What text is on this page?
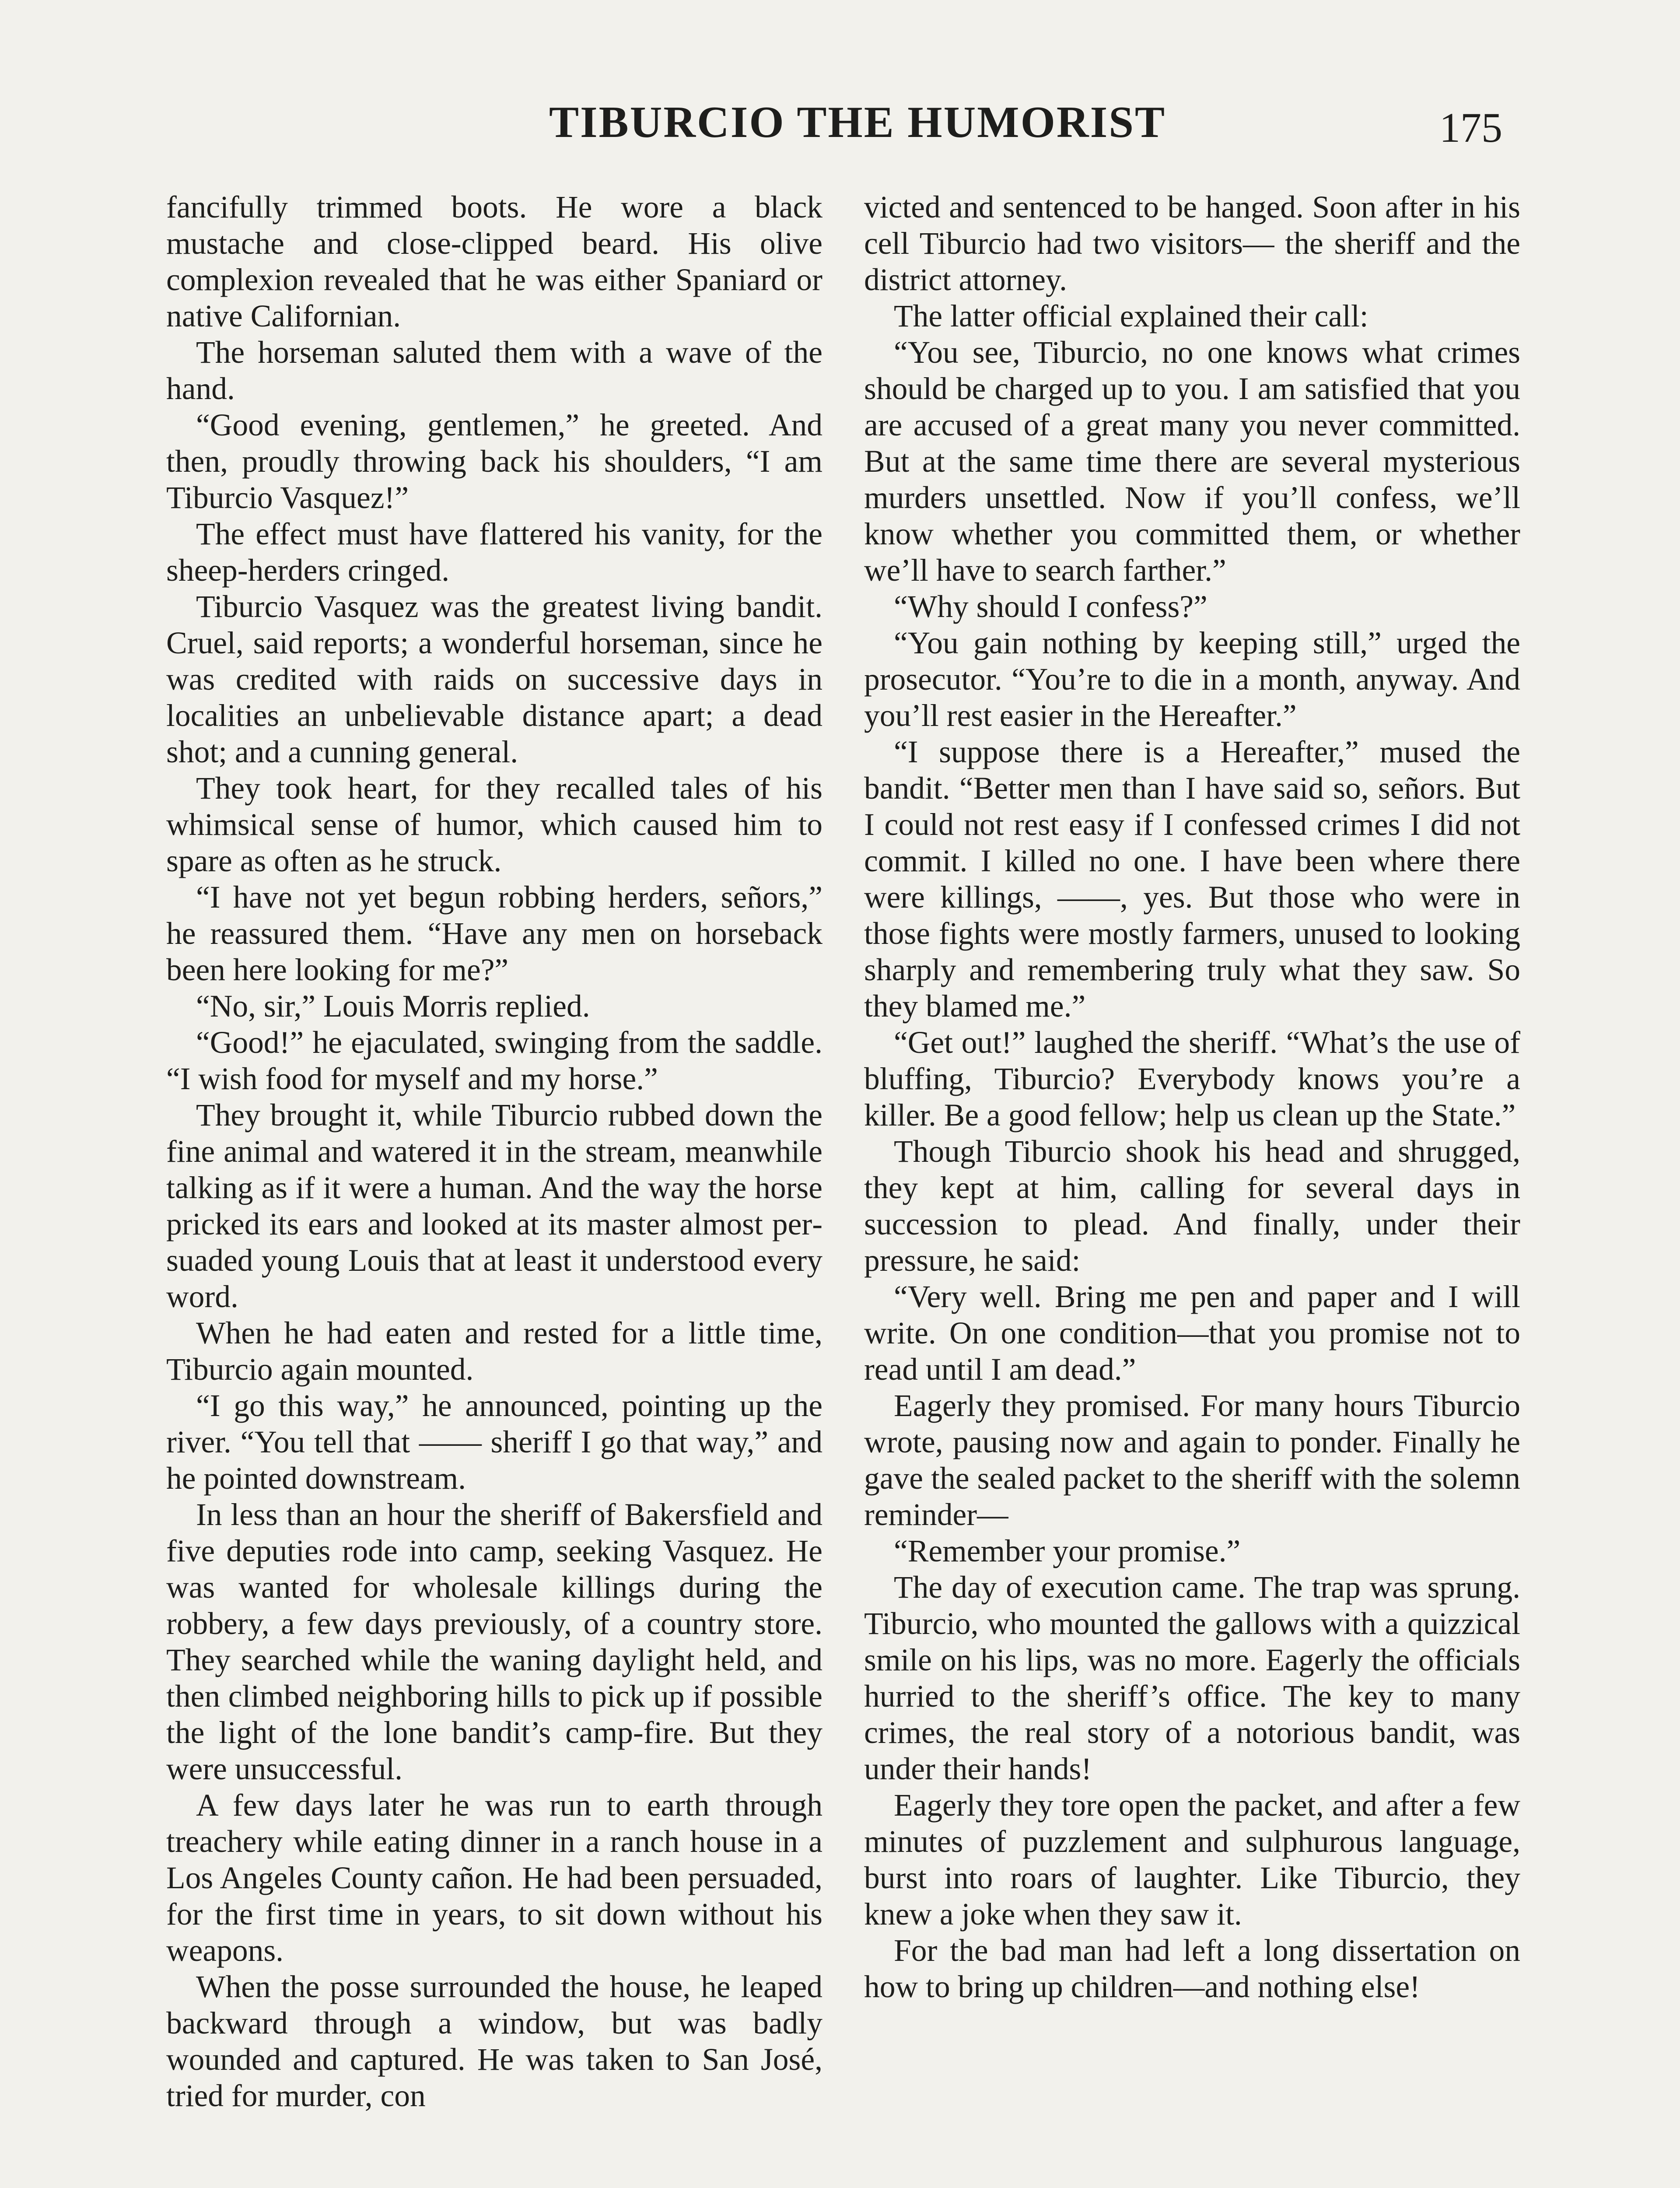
TIBURCIO THE HUMORIST	175

fancifully trimmed boots. He wore a black mustache and close-clipped beard. His olive complexion revealed that he was either Spaniard or native Californian.

The horseman saluted them with a wave of the hand.

“Good evening, gentlemen,” he greeted. And then, proudly throwing back his shoulders, “I am Tiburcio Vasquez!”

The effect must have flattered his vanity, for the sheep-herders cringed.

Tiburcio Vasquez was the greatest living bandit. Cruel, said reports; a wonderful horseman, since he was credited with raids on successive days in localities an unbelievable distance apart; a dead shot; and a cunning general.

They took heart, for they recalled tales of his whimsical sense of humor, which caused him to spare as often as he struck.

“I have not yet begun robbing herders, señors,” he reassured them. “Have any men on horseback been here looking for me?”

“No, sir,” Louis Morris replied.

“Good!” he ejaculated, swinging from the saddle. “I wish food for myself and my horse.”

They brought it, while Tiburcio rubbed down the fine animal and watered it in the stream, meanwhile talking as if it were a human. And the way the horse pricked its ears and looked at its master almost persuaded young Louis that at least it understood every word.

When he had eaten and rested for a little time, Tiburcio again mounted.

“I go this way,” he announced, pointing up the river. “You tell that —— sheriff I go that way,” and he pointed downstream.

In less than an hour the sheriff of Bakersfield and five deputies rode into camp, seeking Vasquez. He was wanted for wholesale killings during the robbery, a few days previously, of a country store. They searched while the waning daylight held, and then climbed neighboring hills to pick up if possible the light of the lone bandit’s camp-fire. But they were unsuccessful.

A few days later he was run to earth through treachery while eating dinner in a ranch house in a Los Angeles County cañon. He had been persuaded, for the first time in years, to sit down without his weapons.

When the posse surrounded the house, he leaped backward through a window, but was badly wounded and captured. He was taken to San José, tried for murder, con

victed and sentenced to be hanged. Soon after in his cell Tiburcio had two visitors— the sheriff and the district attorney.

The latter official explained their call:

“You see, Tiburcio, no one knows what crimes should be charged up to you. I am satisfied that you are accused of a great many you never committed. But at the same time there are several mysterious murders unsettled. Now if you’ll confess, we’ll know whether you committed them, or whether we’ll have to search farther.”

“Why should I confess?”

“You gain nothing by keeping still,” urged the prosecutor. “You’re to die in a month, anyway. And you’ll rest easier in the Hereafter.”

“I suppose there is a Hereafter,” mused the bandit. “Better men than I have said so, señors. But I could not rest easy if I confessed crimes I did not commit. I killed no one. I have been where there were killings, ——, yes. But those who were in those fights were mostly farmers, unused to looking sharply and remembering truly what they saw. So they blamed me.”

“Get out!” laughed the sheriff. “What’s the use of bluffing, Tiburcio? Everybody knows you’re a killer. Be a good fellow; help us clean up the State.”

Though Tiburcio shook his head and shrugged, they kept at him, calling for several days in succession to plead. And finally, under their pressure, he said:

“Very well. Bring me pen and paper and I will write. On one condition—that you promise not to read until I am dead.”

Eagerly they promised. For many hours Tiburcio wrote, pausing now and again to ponder. Finally he gave the sealed packet to the sheriff with the solemn reminder—

“Remember your promise.”

The day of execution came. The trap was sprung. Tiburcio, who mounted the gallows with a quizzical smile on his lips, was no more. Eagerly the officials hurried to the sheriff’s office. The key to many crimes, the real story of a notorious bandit, was under their hands!

Eagerly they tore open the packet, and after a few minutes of puzzlement and sulphurous language, burst into roars of laughter. Like Tiburcio, they knew a joke when they saw it.

For the bad man had left a long dissertation on how to bring up children—and nothing else!
